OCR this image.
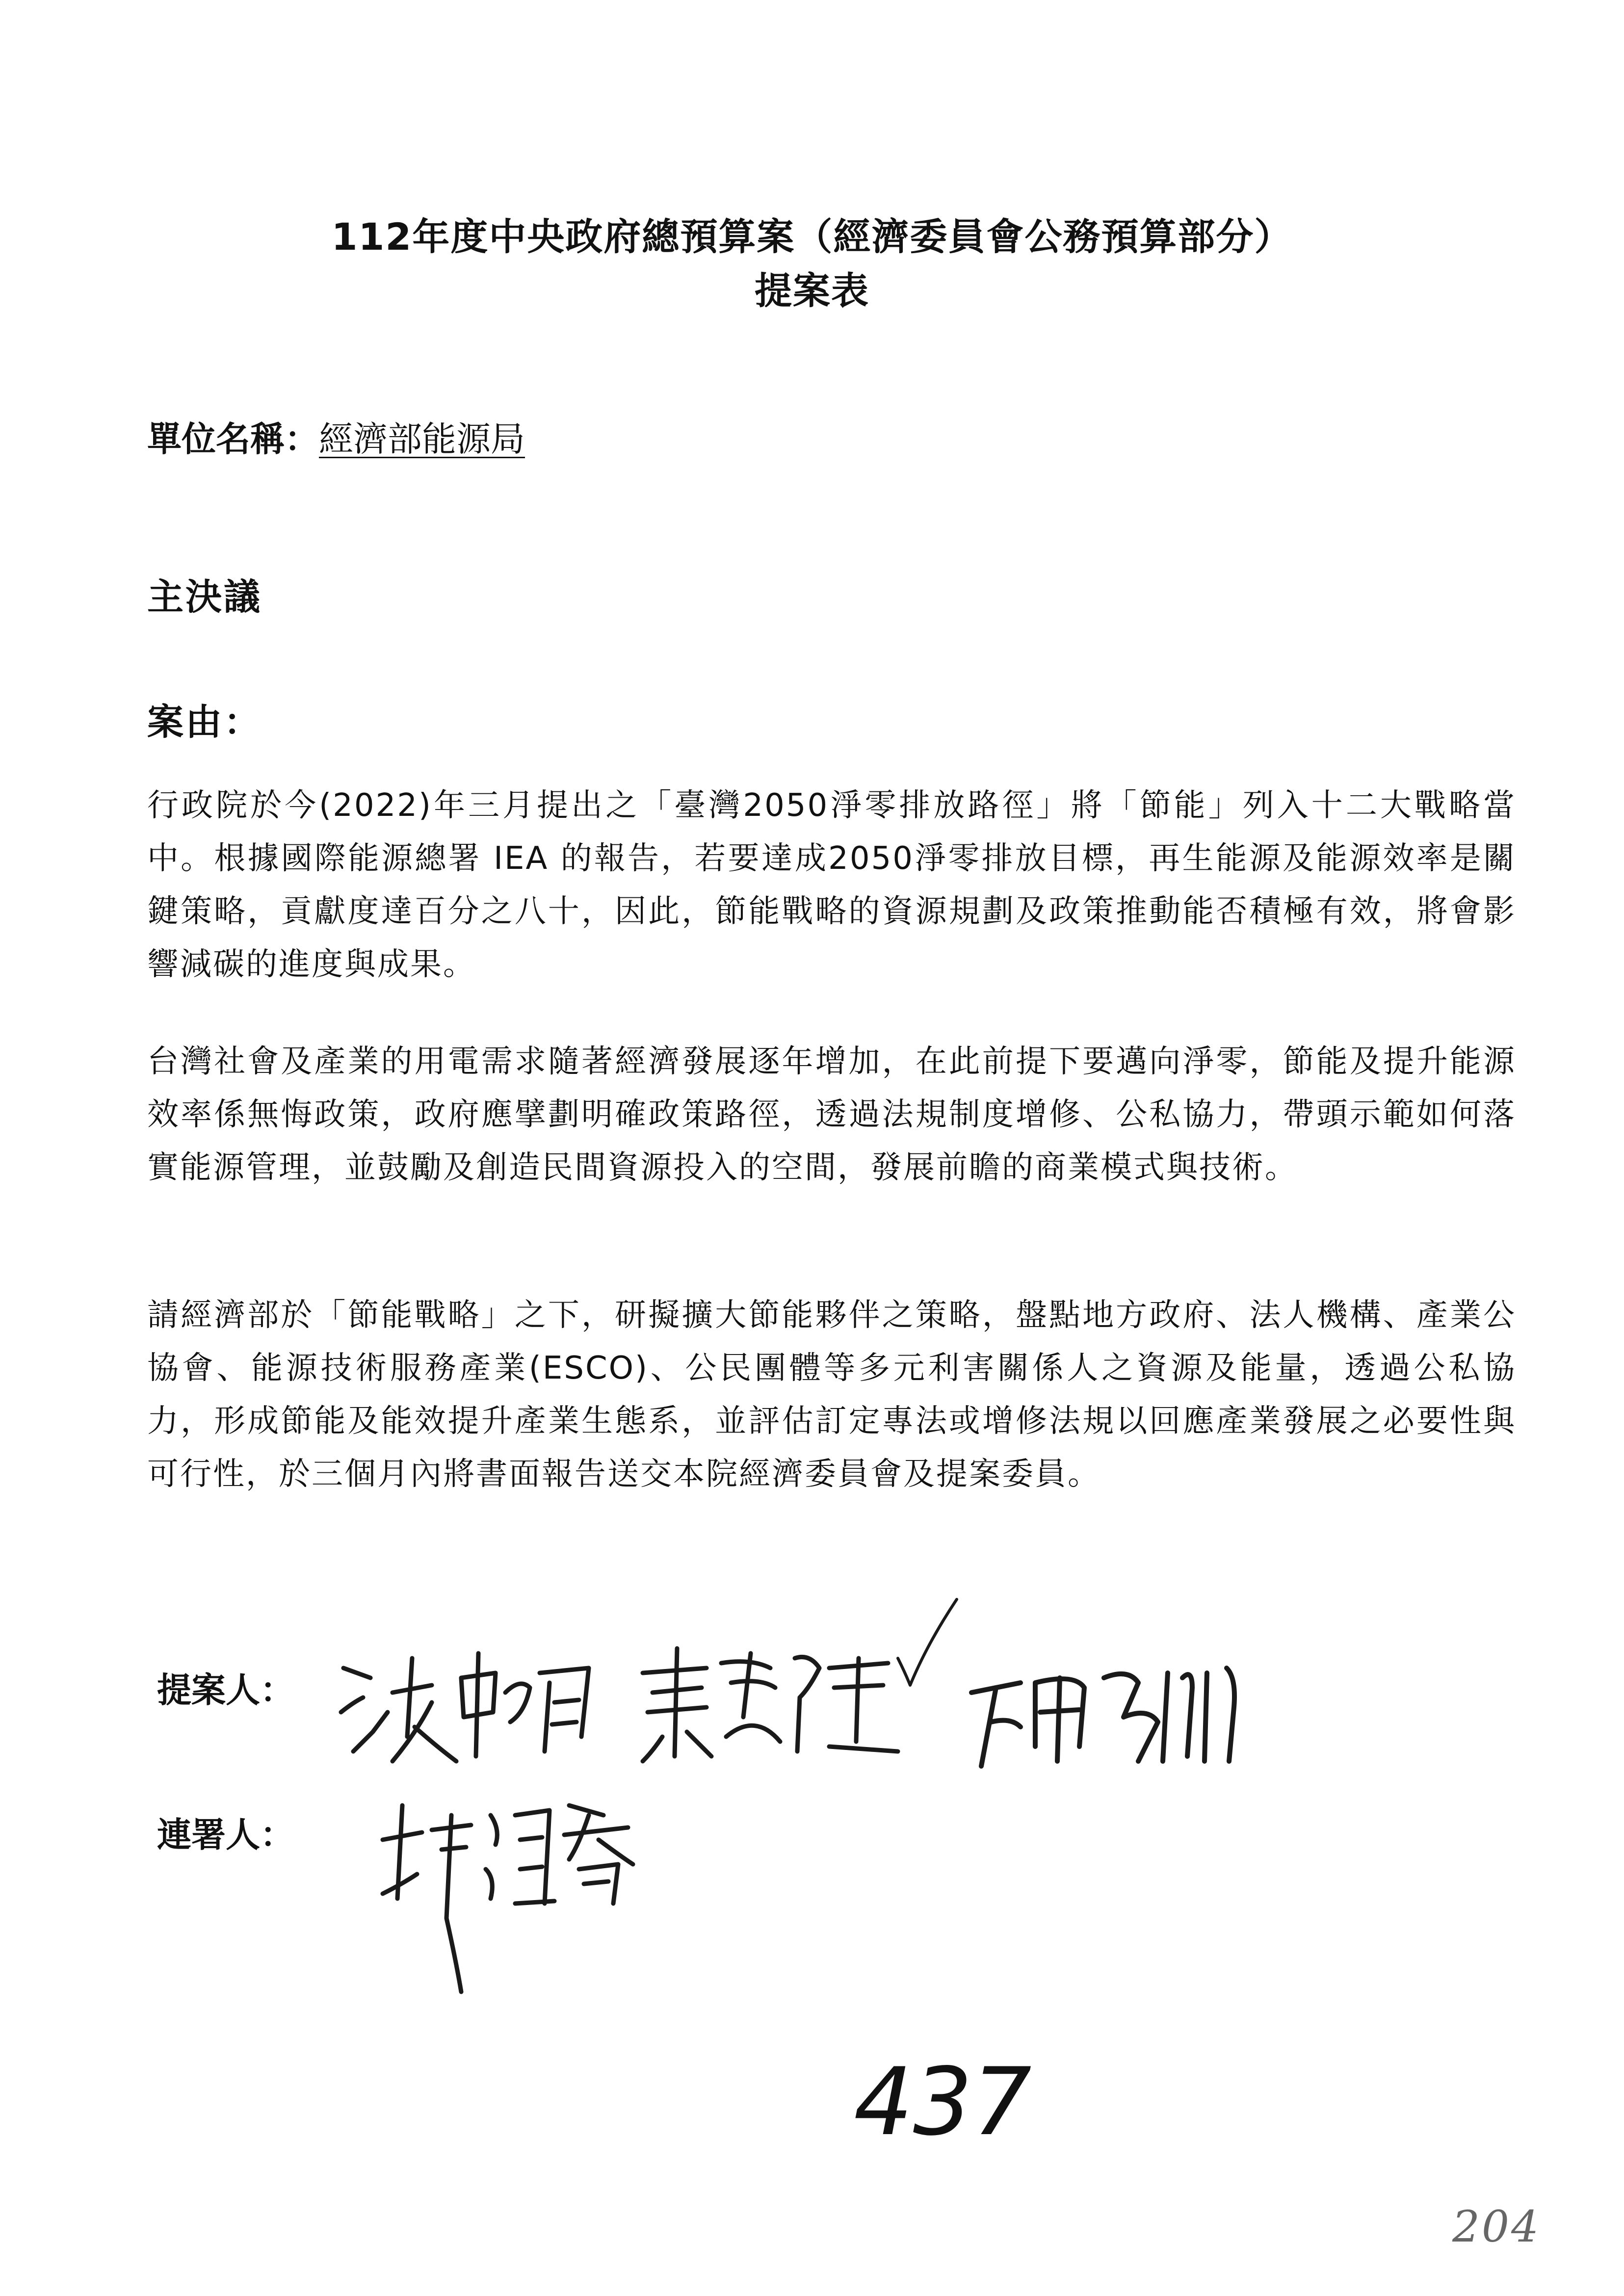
112年度中央政府總預算案（經濟委員會公務預算部分）
提案表
單位名稱：經濟部能源局
主決議
案由：

行政院於今(2022)年三月提出之「臺灣2050淨零排放路徑」將「節能」列入十二大戰略當中。根據國際能源總署 IEA 的報告，若要達成2050淨零排放目標，再生能源及能源效率是關鍵策略，貢獻度達百分之八十，因此，節能戰略的資源規劃及政策推動能否積極有效，將會影響減碳的進度與成果。

台灣社會及產業的用電需求隨著經濟發展逐年增加，在此前提下要邁向淨零，節能及提升能源效率係無悔政策，政府應擘劃明確政策路徑，透過法規制度增修、公私協力，帶頭示範如何落實能源管理，並鼓勵及創造民間資源投入的空間，發展前瞻的商業模式與技術。

請經濟部於「節能戰略」之下，研擬擴大節能夥伴之策略，盤點地方政府、法人機構、產業公協會、能源技術服務產業(ESCO)、公民團體等多元利害關係人之資源及能量，透過公私協力，形成節能及能效提升產業生態系，並評估訂定專法或增修法規以回應產業發展之必要性與可行性，於三個月內將書面報告送交本院經濟委員會及提案委員。

提案人：
連署人：
437
204
